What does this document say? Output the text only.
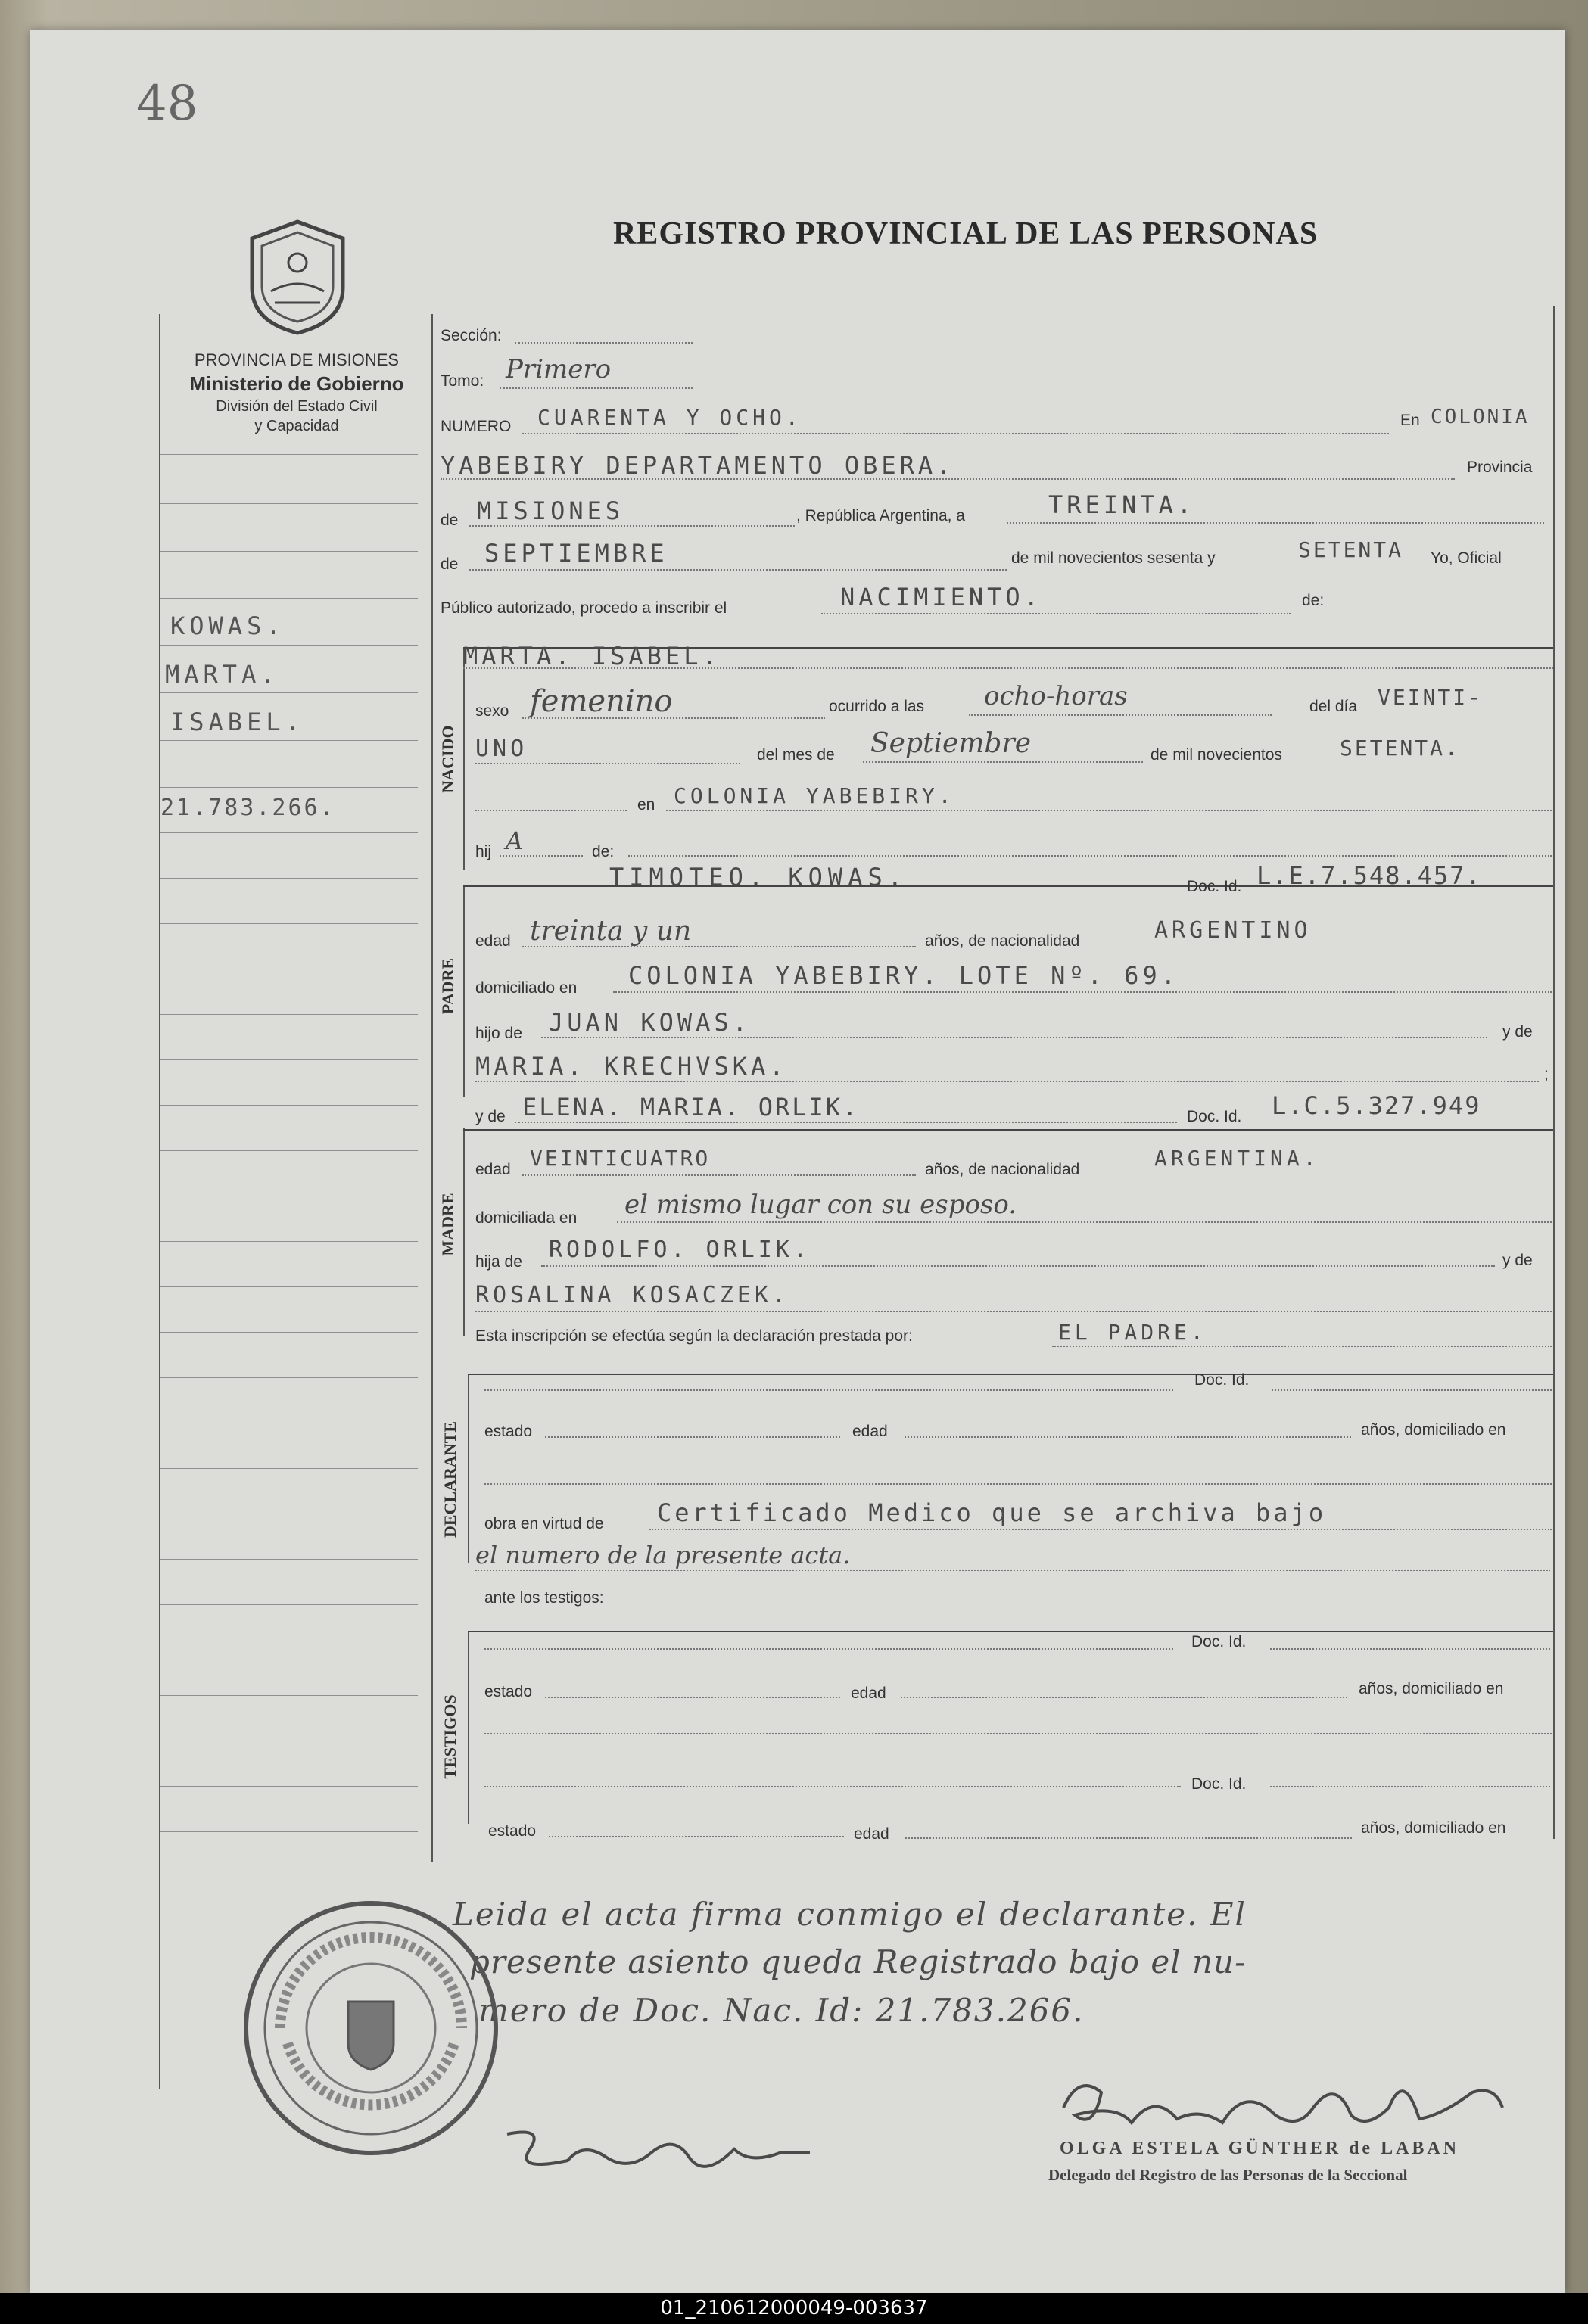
48
REGISTRO PROVINCIAL DE LAS PERSONAS
PROVINCIA DE MISIONES
Ministerio de Gobierno
División del Estado Civil
y Capacidad
KOWAS.
MARTA.
ISABEL.
21.783.266.
Sección:
Tomo: Primero
NUMERO CUARENTA Y OCHO.	En COLONIA
YABEBIRY DEPARTAMENTO OBERA.	Provincia
de MISIONES	, República Argentina, a	TREINTA.
de SEPTIEMBRE	de mil novecientos sesenta y	SETENTA Yo, Oficial
Público autorizado, procedo a inscribir el	NACIMIENTO.	de:
NACIDO
MARTA. ISABEL.
sexo femenino	ocurrido a las ocho-horas	del día VEINTI-
UNO	del mes de Septiembre	de mil novecientos	SETENTA.
en COLONIA YABEBIRY.
hij A	de:
TIMOTEO. KOWAS.	Doc. Id. L.E.7.548.457.
PADRE
edad treinta y un	años, de nacionalidad	ARGENTINO
domiciliado en COLONIA YABEBIRY. LOTE Nº. 69.
hijo de JUAN KOWAS.	y de
MARIA. KRECHVSKA.	;
y de ELENA. MARIA. ORLIK.	Doc. Id. L.C.5.327.949
MADRE
edad VEINTICUATRO	años, de nacionalidad	ARGENTINA.
domiciliada en el mismo lugar con su esposo.
hija de RODOLFO. ORLIK.	y de
ROSALINA KOSACZEK.
Esta inscripción se efectúa según la declaración prestada por:	EL PADRE.
Doc. Id.
DECLARANTE estado	edad	años, domiciliado en
obra en virtud de Certificado Medico que se archiva bajo
el numero de la presente acta.
ante los testigos:
Doc. Id.
TESTIGOS
estado	edad	años, domiciliado en
Doc. Id.
estado	edad	años, domiciliado en
Leida el acta firma conmigo el declarante. El
presente asiento queda Registrado bajo el nu-
mero de Doc. Nac. Id: 21.783.266.
OLGA ESTELA GÜNTHER de LABAN
Delegado del Registro de las Personas de la Seccional
01_210612000049-003637
